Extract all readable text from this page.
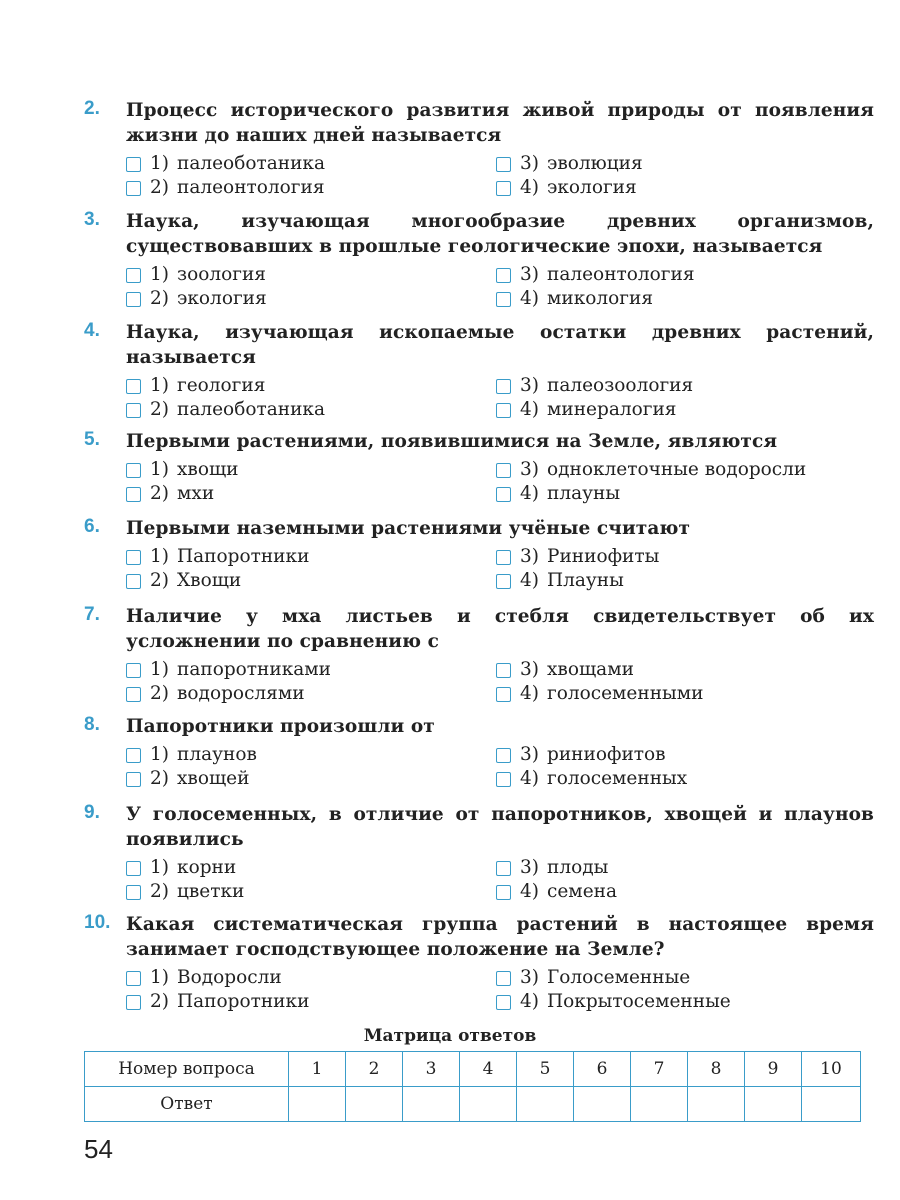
2.	Процесс исторического развития живой природы от появления жизни до наших дней называется
1) палеоботаника	3) эволюция
2) палеонтология	4) экология
3.	Наука, изучающая многообразие древних организмов, существовавших в прошлые геологические эпохи, называется
1) зоология	3) палеонтология
2) экология	4) микология
4.	Наука, изучающая ископаемые остатки древних растений, называется
1) геология	3) палеозоология
2) палеоботаника	4) минералогия
5.	Первыми растениями, появившимися на Земле, являются
1) хвощи	3) одноклеточные водоросли
2) мхи	4) плауны
6.	Первыми наземными растениями учёные считают
1) Папоротники	3) Риниофиты
2) Хвощи	4) Плауны
7.	Наличие у мха листьев и стебля свидетельствует об их усложнении по сравнению с
1) папоротниками	3) хвощами
2) водорослями	4) голосеменными
8.	Папоротники произошли от
1) плаунов	3) риниофитов
2) хвощей	4) голосеменных
9.	У голосеменных, в отличие от папоротников, хвощей и плаунов появились
1) корни	3) плоды
2) цветки	4) семена
10. Какая систематическая группа растений в настоящее время занимает господствующее положение на Земле?
1) Водоросли	3) Голосеменные
2) Папоротники	4) Покрытосеменные
Матрица ответов
Номер вопроса	1	2	3	4	5	6	7	8	9	10
Ответ										
54
